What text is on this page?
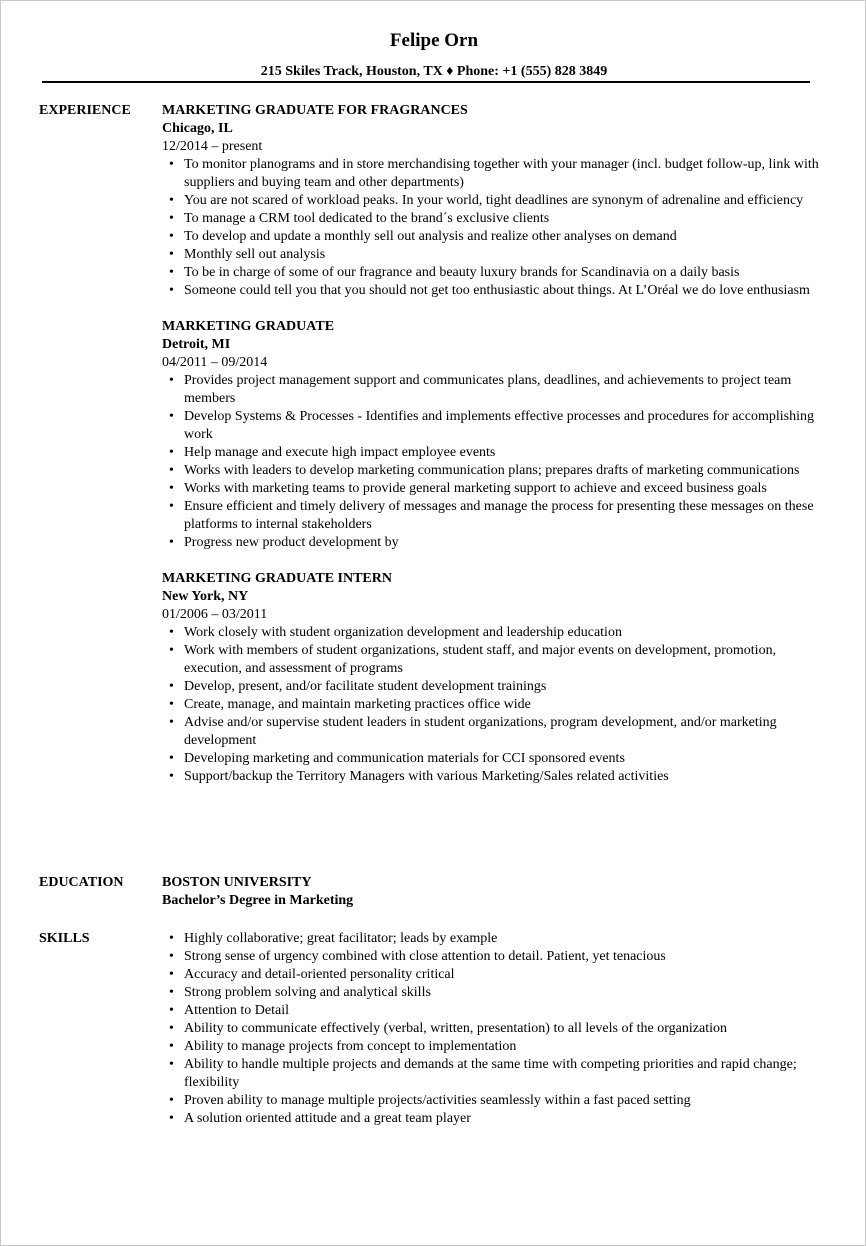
Felipe Orn
215 Skiles Track, Houston, TX ♦ Phone: +1 (555) 828 3849
EXPERIENCE	MARKETING GRADUATE FOR FRAGRANCES
Chicago, IL
12/2014 – present
• To monitor planograms and in store merchandising together with your manager (incl. budget follow-up, link with suppliers and buying team and other departments)
• You are not scared of workload peaks. In your world, tight deadlines are synonym of adrenaline and efficiency
• To manage a CRM tool dedicated to the brand´s exclusive clients
• To develop and update a monthly sell out analysis and realize other analyses on demand
• Monthly sell out analysis
• To be in charge of some of our fragrance and beauty luxury brands for Scandinavia on a daily basis
• Someone could tell you that you should not get too enthusiastic about things. At L’Oréal we do love enthusiasm
MARKETING GRADUATE
Detroit, MI
04/2011 – 09/2014
• Provides project management support and communicates plans, deadlines, and achievements to project team members
• Develop Systems & Processes - Identifies and implements effective processes and procedures for accomplishing work
• Help manage and execute high impact employee events
• Works with leaders to develop marketing communication plans; prepares drafts of marketing communications
• Works with marketing teams to provide general marketing support to achieve and exceed business goals
• Ensure efficient and timely delivery of messages and manage the process for presenting these messages on these platforms to internal stakeholders
• Progress new product development by
MARKETING GRADUATE INTERN
New York, NY
01/2006 – 03/2011
• Work closely with student organization development and leadership education
• Work with members of student organizations, student staff, and major events on development, promotion, execution, and assessment of programs
• Develop, present, and/or facilitate student development trainings
• Create, manage, and maintain marketing practices office wide
• Advise and/or supervise student leaders in student organizations, program development, and/or marketing development
• Developing marketing and communication materials for CCI sponsored events
• Support/backup the Territory Managers with various Marketing/Sales related activities
EDUCATION	BOSTON UNIVERSITY
Bachelor’s Degree in Marketing
SKILLS
•	Highly collaborative; great facilitator; leads by example
• Strong sense of urgency combined with close attention to detail. Patient, yet tenacious
• Accuracy and detail-oriented personality critical
• Strong problem solving and analytical skills
• Attention to Detail
• Ability to communicate effectively (verbal, written, presentation) to all levels of the organization
• Ability to manage projects from concept to implementation
• Ability to handle multiple projects and demands at the same time with competing priorities and rapid change; flexibility
• Proven ability to manage multiple projects/activities seamlessly within a fast paced setting
• A solution oriented attitude and a great team player
